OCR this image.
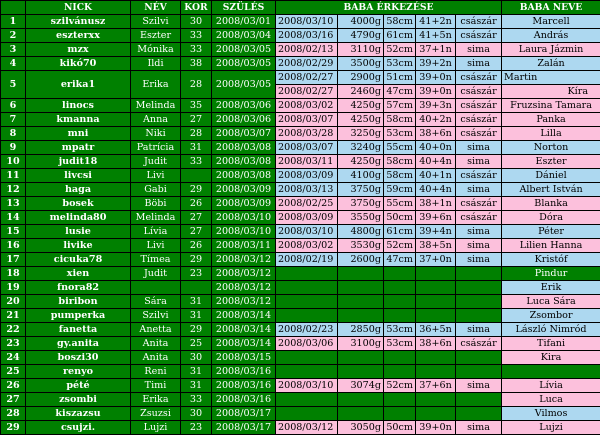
	NICK	NÉV	KOR	SZÜLÉS	BABA ÉRKEZÉSE					BABA NEVE
1	szilvánusz	Szilvi	30	2008/03/01	2008/03/10	4000g	58cm	41+2n	császár	Marcell
2	eszterxx	Eszter	33	2008/03/04	2008/03/16	4790g	61cm	41+5n	császár	András
3	mzx	Mónika	33	2008/03/05	2008/02/13	3110g	52cm	37+1n	sima	Laura Jázmin
4	kikó70	Ildi	38	2008/03/05	2008/02/29	3500g	53cm	39+2n	sima	Zalán
5	erika1	Erika	28	2008/03/05	2008/02/27	2900g	51cm	39+0n	császár	Martin
					2008/02/27	2460g	47cm	39+0n	császár	Kíra
6	linocs	Melinda	35	2008/03/06	2008/03/02	4250g	57cm	39+3n	császár	Fruzsina Tamara
7	kmanna	Anna	27	2008/03/06	2008/03/07	4250g	58cm	40+2n	császár	Panka
8	mni	Niki	28	2008/03/07	2008/03/28	3250g	53cm	38+6n	császár	Lilla
9	mpatr	Patrícia	31	2008/03/08	2008/03/07	3240g	55cm	40+0n	sima	Norton
10	judit18	Judit	33	2008/03/08	2008/03/11	4250g	58cm	40+4n	sima	Eszter
11	livcsi	Livi		2008/03/08	2008/03/09	4100g	58cm	40+1n	császár	Dániel
12	haga	Gabi	29	2008/03/09	2008/03/13	3750g	59cm	40+4n	sima	Albert István
13	bosek	Böbi	26	2008/03/09	2008/02/25	3750g	55cm	38+1n	császár	Blanka
14	melinda80	Melinda	27	2008/03/10	2008/03/09	3550g	50cm	39+6n	császár	Dóra
15	lusie	Lívia	27	2008/03/10	2008/03/10	4800g	61cm	39+4n	sima	Péter
16	livike	Livi	26	2008/03/11	2008/03/02	3530g	52cm	38+5n	sima	Lilien Hanna
17	cicuka78	Tímea	29	2008/03/12	2008/02/19	2600g	47cm	37+0n	sima	Kristóf
18	xien	Judit	23	2008/03/12						Pindur
19	fnora82			2008/03/12						Erik
20	biribon	Sára	31	2008/03/12						Luca Sára
21	pumperka	Szilvi	31	2008/03/14						Zsombor
22	fanetta	Anetta	29	2008/03/14	2008/02/23	2850g	53cm	36+5n	sima	László Nimród
23	gy.anita	Anita	25	2008/03/14	2008/03/06	3100g	53cm	38+6n	császár	Tifani
24	boszi30	Anita	30	2008/03/15						Kira
25	renyo	Reni	31	2008/03/16						
26	pété	Timi	31	2008/03/16	2008/03/10	3074g	52cm	37+6n	sima	Lívia
27	zsombi	Erika	33	2008/03/16						Luca
28	kiszazsu	Zsuzsi	30	2008/03/17						Vilmos
29	csujzi.	Lujzi	23	2008/03/17	2008/03/12	3050g	50cm	39+0n	sima	Lujzi
